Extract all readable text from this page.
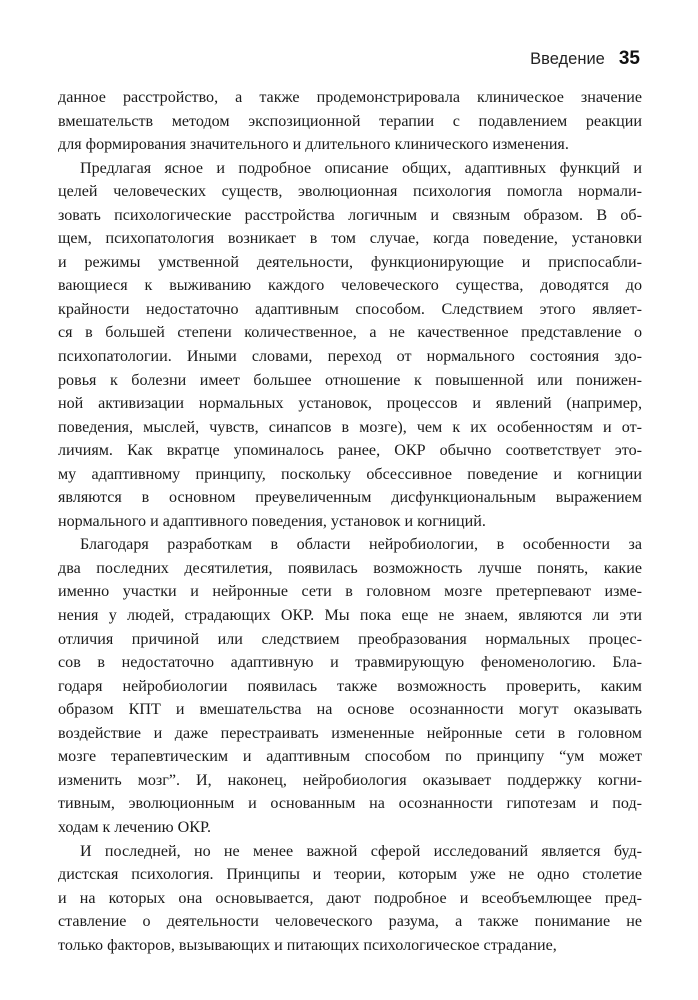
Введение 35
данное расстройство, а также продемонстрировала клиническое значение
вмешательств методом экспозиционной терапии с подавлением реакции
для формирования значительного и длительного клинического изменения.
Предлагая ясное и подробное описание общих, адаптивных функций и
целей человеческих существ, эволюционная психология помогла нормали-
зовать психологические расстройства логичным и связным образом. В об-
щем, психопатология возникает в том случае, когда поведение, установки
и режимы умственной деятельности, функционирующие и приспосабли-
вающиеся к выживанию каждого человеческого существа, доводятся до
крайности недостаточно адаптивным способом. Следствием этого являет-
ся в большей степени количественное, а не качественное представление о
психопатологии. Иными словами, переход от нормального состояния здо-
ровья к болезни имеет большее отношение к повышенной или понижен-
ной активизации нормальных установок, процессов и явлений (например,
поведения, мыслей, чувств, синапсов в мозге), чем к их особенностям и от-
личиям. Как вкратце упоминалось ранее, ОКР обычно соответствует это-
му адаптивному принципу, поскольку обсессивное поведение и когниции
являются в основном преувеличенным дисфункциональным выражением
нормального и адаптивного поведения, установок и когниций.
Благодаря разработкам в области нейробиологии, в особенности за
два последних десятилетия, появилась возможность лучше понять, какие
именно участки и нейронные сети в головном мозге претерпевают изме-
нения у людей, страдающих ОКР. Мы пока еще не знаем, являются ли эти
отличия причиной или следствием преобразования нормальных процес-
сов в недостаточно адаптивную и травмирующую феноменологию. Бла-
годаря нейробиологии появилась также возможность проверить, каким
образом КПТ и вмешательства на основе осознанности могут оказывать
воздействие и даже перестраивать измененные нейронные сети в головном
мозге терапевтическим и адаптивным способом по принципу “ум может
изменить мозг”. И, наконец, нейробиология оказывает поддержку когни-
тивным, эволюционным и основанным на осознанности гипотезам и под-
ходам к лечению ОКР.
И последней, но не менее важной сферой исследований является буд-
дистская психология. Принципы и теории, которым уже не одно столетие
и на которых она основывается, дают подробное и всеобъемлющее пред-
ставление о деятельности человеческого разума, а также понимание не
только факторов, вызывающих и питающих психологическое страдание,
